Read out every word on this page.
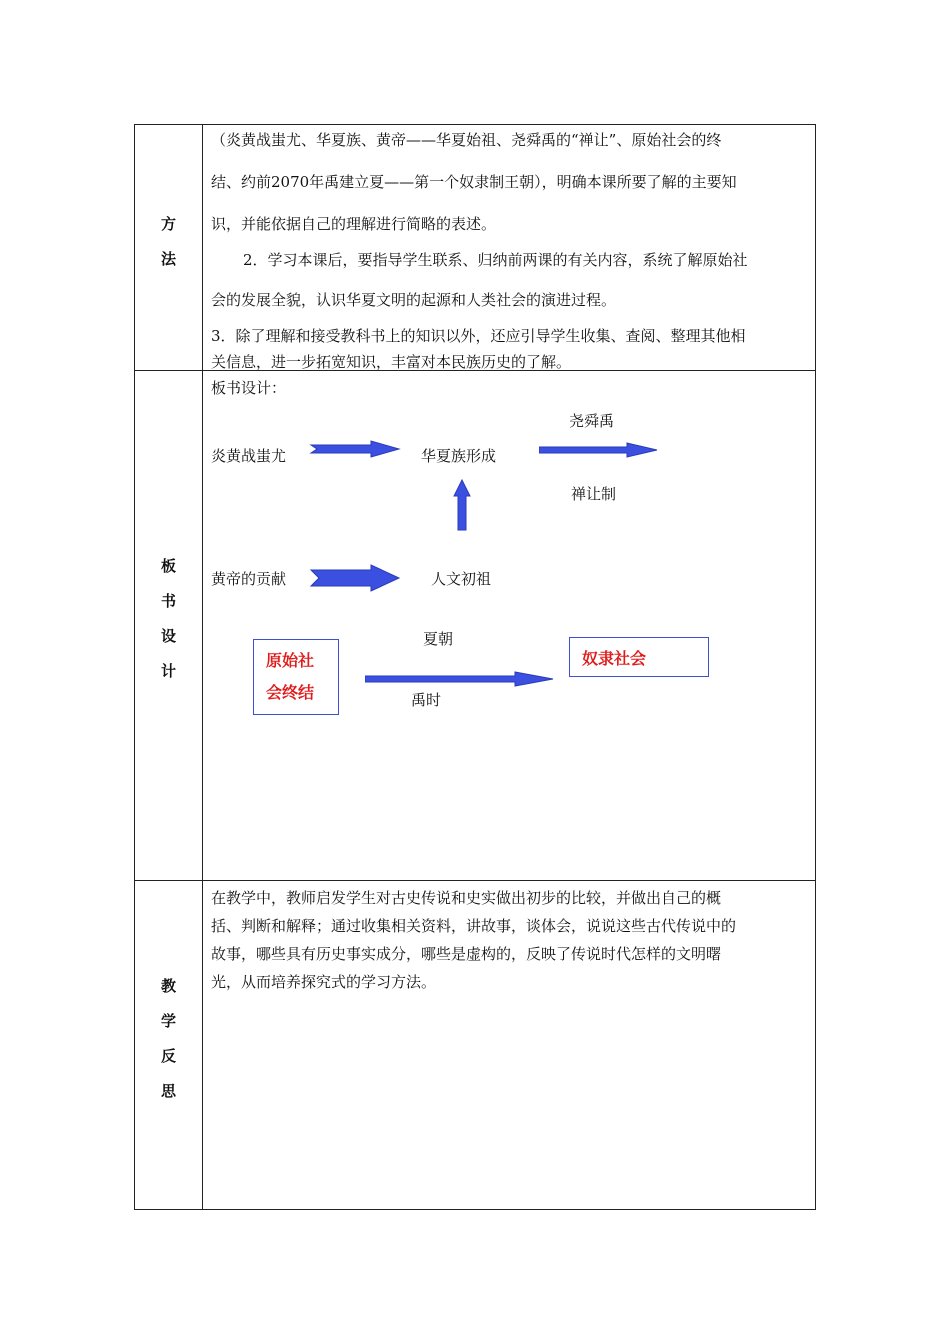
方
法
（炎黄战蚩尤、华夏族、黄帝——华夏始祖、尧舜禹的“禅让”、原始社会的终
结、约前2070年禹建立夏——第一个奴隶制王朝），明确本课所要了解的主要知
识，并能依据自己的理解进行简略的表述。
2．学习本课后，要指导学生联系、归纳前两课的有关内容，系统了解原始社
会的发展全貌，认识华夏文明的起源和人类社会的演进过程。
3．除了理解和接受教科书上的知识以外，还应引导学生收集、查阅、整理其他相
关信息，进一步拓宽知识，丰富对本民族历史的了解。
板
书
设
计
板书设计：
炎黄战蚩尤	华夏族形成
尧舜禹
禅让制
黄帝的贡献	人文初祖
夏朝
禹时
原始社
会终结
奴隶社会
教
学
反
思
在教学中，教师启发学生对古史传说和史实做出初步的比较，并做出自己的概
括、判断和解释；通过收集相关资料，讲故事，谈体会，说说这些古代传说中的
故事，哪些具有历史事实成分，哪些是虚构的，反映了传说时代怎样的文明曙
光，从而培养探究式的学习方法。
